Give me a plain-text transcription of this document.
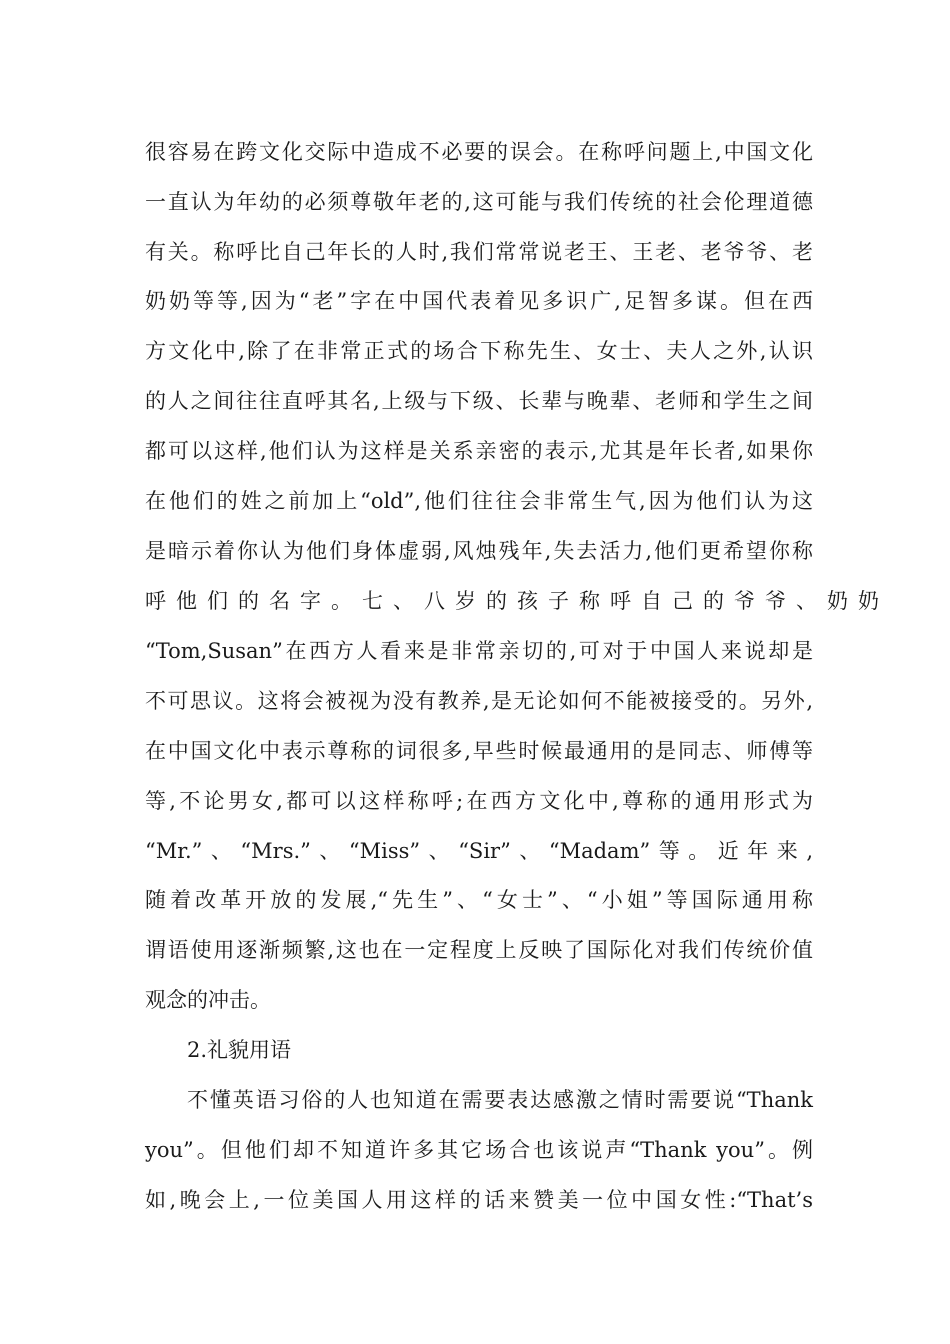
很容易在跨文化交际中造成不必要的误会。在称呼问题上,中国文化
一直认为年幼的必须尊敬年老的,这可能与我们传统的社会伦理道德
有关。称呼比自己年长的人时,我们常常说老王、王老、老爷爷、老
奶奶等等,因为“老”字在中国代表着见多识广,足智多谋。但在西
方文化中,除了在非常正式的场合下称先生、女士、夫人之外,认识
的人之间往往直呼其名,上级与下级、长辈与晚辈、老师和学生之间
都可以这样,他们认为这样是关系亲密的表示,尤其是年长者,如果你
在他们的姓之前加上“old”,他们往往会非常生气,因为他们认为这
是暗示着你认为他们身体虚弱,风烛残年,失去活力,他们更希望你称
呼他们的名字。七、八岁的孩子称呼自己的爷爷、奶奶
“Tom,Susan”在西方人看来是非常亲切的,可对于中国人来说却是
不可思议。这将会被视为没有教养,是无论如何不能被接受的。另外,
在中国文化中表示尊称的词很多,早些时候最通用的是同志、师傅等
等,不论男女,都可以这样称呼;在西方文化中,尊称的通用形式为
“Mr.”、“Mrs.”、“Miss”、“Sir”、“Madam”等。近年来,
随着改革开放的发展,“先生”、“女士”、“小姐”等国际通用称
谓语使用逐渐频繁,这也在一定程度上反映了国际化对我们传统价值
观念的冲击。
2.礼貌用语
不懂英语习俗的人也知道在需要表达感激之情时需要说“Thank
you”。但他们却不知道许多其它场合也该说声“Thank you”。例
如,晚会上,一位美国人用这样的话来赞美一位中国女性:“That’s
